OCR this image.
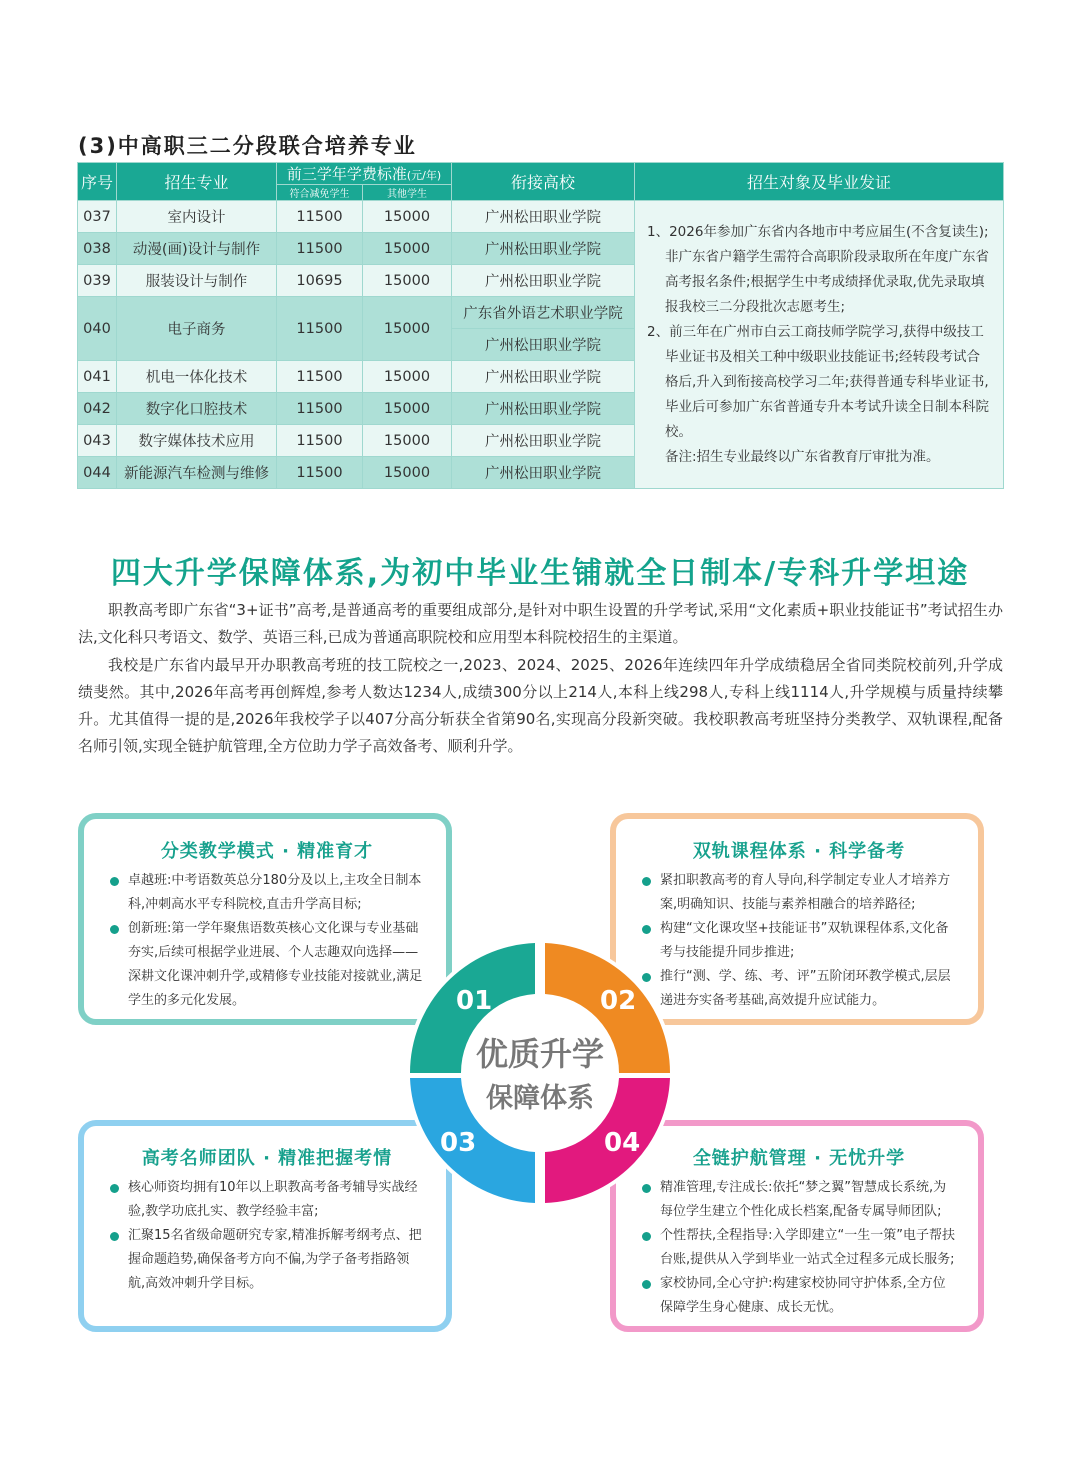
(3)中高职三二分段联合培养专业
序号	招生专业	前三学年学费标准(元/年)		衔接高校	招生对象及毕业发证
		符合减免学生	其他学生		
037	室内设计	11500	15000	广州松田职业学院	1、2026年参加广东省内各地市中考应届生(不含复读生);非广东省户籍学生需符合高职阶段录取所在年度广东省高考报名条件;根据学生中考成绩择优录取,优先录取填报我校三二分段批次志愿考生;

2、前三年在广州市白云工商技师学院学习,获得中级技工毕业证书及相关工种中级职业技能证书;经转段考试合格后,升入到衔接高校学习二年;获得普通专科毕业证书,毕业后可参加广东省普通专升本考试升读全日制本科院校。

备注:招生专业最终以广东省教育厅审批为准。

038	动漫(画)设计与制作	11500	15000	广州松田职业学院	
039	服装设计与制作	10695	15000	广州松田职业学院	
040	电子商务	11500	15000	广东省外语艺术职业学院	
				广州松田职业学院	
041	机电一体化技术	11500	15000	广州松田职业学院	
042	数字化口腔技术	11500	15000	广州松田职业学院	
043	数字媒体技术应用	11500	15000	广州松田职业学院	
044	新能源汽车检测与维修	11500	15000	广州松田职业学院	
四大升学保障体系,为初中毕业生铺就全日制本/专科升学坦途
职教高考即广东省“3+证书”高考,是普通高考的重要组成部分,是针对中职生设置的升学考试,采用“文化素质+职业技能证书”考试招生办法,文化科只考语文、数学、英语三科,已成为普通高职院校和应用型本科院校招生的主渠道。
我校是广东省内最早开办职教高考班的技工院校之一,2023、2024、2025、2026年连续四年升学成绩稳居全省同类院校前列,升学成绩斐然。其中,2026年高考再创辉煌,参考人数达1234人,成绩300分以上214人,本科上线298人,专科上线1114人,升学规模与质量持续攀升。尤其值得一提的是,2026年我校学子以407分高分斩获全省第90名,实现高分段新突破。我校职教高考班坚持分类教学、双轨课程,配备名师引领,实现全链护航管理,全方位助力学子高效备考、顺利升学。
分类教学模式 · 精准育才
卓越班:中考语数英总分180分及以上,主攻全日制本科,冲刺高水平专科院校,直击升学高目标;
创新班:第一学年聚焦语数英核心文化课与专业基础夯实,后续可根据学业进展、个人志趣双向选择——深耕文化课冲刺升学,或精修专业技能对接就业,满足学生的多元化发展。
双轨课程体系 · 科学备考
紧扣职教高考的育人导向,科学制定专业人才培养方案,明确知识、技能与素养相融合的培养路径;
构建“文化课攻坚+技能证书”双轨课程体系,文化备考与技能提升同步推进;
推行“测、学、练、考、评”五阶闭环教学模式,层层递进夯实备考基础,高效提升应试能力。
高考名师团队 · 精准把握考情
核心师资均拥有10年以上职教高考备考辅导实战经验,教学功底扎实、教学经验丰富;
汇聚15名省级命题研究专家,精准拆解考纲考点、把握命题趋势,确保备考方向不偏,为学子备考指路领航,高效冲刺升学目标。
全链护航管理 · 无忧升学
精准管理,专注成长:依托“梦之翼”智慧成长系统,为每位学生建立个性化成长档案,配备专属导师团队;
个性帮扶,全程指导:入学即建立“一生一策”电子帮扶台账,提供从入学到毕业一站式全过程多元成长服务;
家校协同,全心守护:构建家校协同守护体系,全方位保障学生身心健康、成长无忧。
01	02
03	04
优质升学
保障体系
